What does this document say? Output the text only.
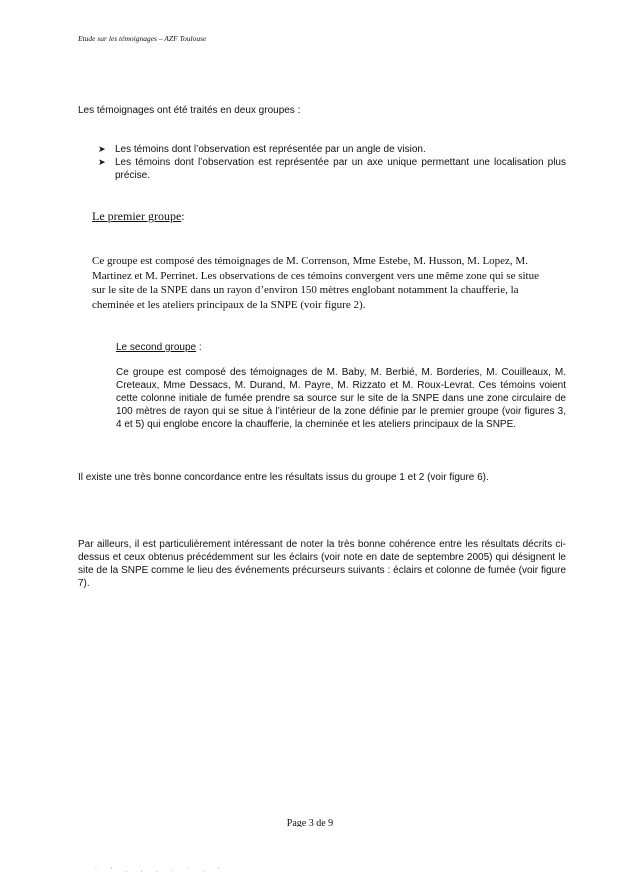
Etude sur les témoignages – AZF Toulouse
Les témoignages ont été traités en deux groupes :
➤ Les témoins dont l’observation est représentée par un angle de vision.
➤ Les témoins dont l’observation est représentée par un axe unique permettant une localisation plus précise.
Le premier groupe:
Ce groupe est composé des témoignages de M. Correnson, Mme Estebe, M. Husson, M. Lopez, M. Martinez et M. Perrinet. Les observations de ces témoins convergent vers une même zone qui se situe sur le site de la SNPE dans un rayon d’environ 150 mètres englobant notamment la chaufferie, la cheminée et les ateliers principaux de la SNPE (voir figure 2).
Le second groupe :
Ce groupe est composé des témoignages de M. Baby, M. Berbié, M. Borderies, M. Couilleaux, M. Creteaux, Mme Dessacs, M. Durand, M. Payre, M. Rizzato et M. Roux-Levrat. Ces témoins voient cette colonne initiale de fumée prendre sa source sur le site de la SNPE dans une zone circulaire de 100 mètres de rayon qui se situe à l’intérieur de la zone définie par le premier groupe (voir figures 3, 4 et 5) qui englobe encore la chaufferie, la cheminée et les ateliers principaux de la SNPE.
Il existe une très bonne concordance entre les résultats issus du groupe 1 et 2 (voir figure 6).
Par ailleurs, il est particulièrement intéressant de noter la très bonne cohérence entre les résultats décrits ci-dessus et ceux obtenus précédemment sur les éclairs (voir note en date de septembre 2005) qui désignent le site de la SNPE comme le lieu des événements précurseurs suivants : éclairs et colonne de fumée (voir figure 7).
Page 3 de 9
` ' . . . · ˙ . ʼ
